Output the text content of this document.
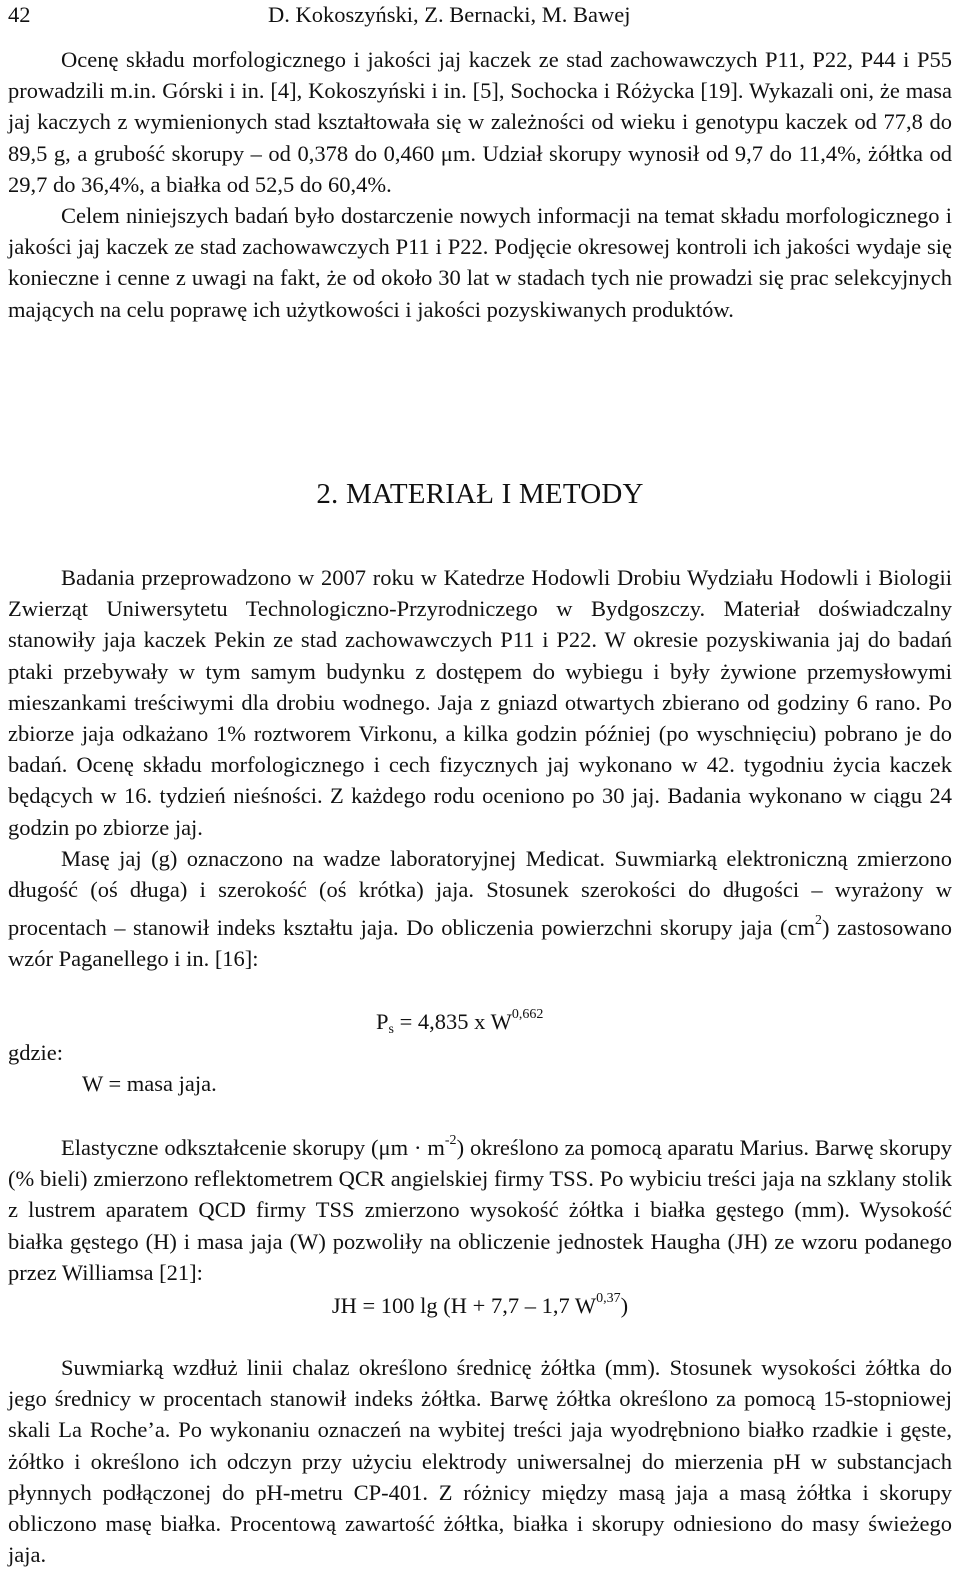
42	D. Kokoszyński, Z. Bernacki, M. Bawej

Ocenę składu morfologicznego i jakości jaj kaczek ze stad zachowawczych P11, P22, P44 i P55 prowadzili m.in. Górski i in. [4], Kokoszyński i in. [5], Sochocka i Różycka [19]. Wykazali oni, że masa jaj kaczych z wymienionych stad kształtowała się w zależności od wieku i genotypu kaczek od 77,8 do 89,5 g, a grubość skorupy – od 0,378 do 0,460 μm. Udział skorupy wynosił od 9,7 do 11,4%, żółtka od 29,7 do 36,4%, a białka od 52,5 do 60,4%.

Celem niniejszych badań było dostarczenie nowych informacji na temat składu morfologicznego i jakości jaj kaczek ze stad zachowawczych P11 i P22. Podjęcie okresowej kontroli ich jakości wydaje się konieczne i cenne z uwagi na fakt, że od około 30 lat w stadach tych nie prowadzi się prac selekcyjnych mających na celu poprawę ich użytkowości i jakości pozyskiwanych produktów.

2. MATERIAŁ I METODY

Badania przeprowadzono w 2007 roku w Katedrze Hodowli Drobiu Wydziału Hodowli i Biologii Zwierząt Uniwersytetu Technologiczno-Przyrodniczego w Bydgoszczy. Materiał doświadczalny stanowiły jaja kaczek Pekin ze stad zachowawczych P11 i P22. W okresie pozyskiwania jaj do badań ptaki przebywały w tym samym budynku z dostępem do wybiegu i były żywione przemysłowymi mieszankami treściwymi dla drobiu wodnego. Jaja z gniazd otwartych zbierano od godziny 6 rano. Po zbiorze jaja odkażano 1% roztworem Virkonu, a kilka godzin później (po wyschnięciu) pobrano je do badań. Ocenę składu morfologicznego i cech fizycznych jaj wykonano w 42. tygodniu życia kaczek będących w 16. tydzień nieśności. Z każdego rodu oceniono po 30 jaj. Badania wykonano w ciągu 24 godzin po zbiorze jaj.

Masę jaj (g) oznaczono na wadze laboratoryjnej Medicat. Suwmiarką elektroniczną zmierzono długość (oś długa) i szerokość (oś krótka) jaja. Stosunek szerokości do długości – wyrażony w procentach – stanowił indeks kształtu jaja. Do obliczenia powierzchni skorupy jaja $(cm^2)$ zastosowano wzór Paganellego i in. [16]:

$P_s = 4,835$ x W$^{0,662}$
gdzie:
W = masa jaja.

Elastyczne odkształcenie skorupy $(\mu m \cdot m^{-2})$ określono za pomocą aparatu Marius. Barwę skorupy (% bieli) zmierzono reflektometrem QCR angielskiej firmy TSS. Po wybiciu treści jaja na szklany stolik z lustrem aparatem QCD firmy TSS zmierzono wysokość żółtka i białka gęstego (mm). Wysokość białka gęstego (H) i masa jaja (W) pozwoliły na obliczenie jednostek Haugha (JH) ze wzoru podanego przez Williamsa [21]:

JH = 100 lg (H + 7,7 – 1,7 W$^{0,37}$)

Suwmiarką wzdłuż linii chalaz określono średnicę żółtka (mm). Stosunek wysokości żółtka do jego średnicy w procentach stanowił indeks żółtka. Barwę żółtka określono za pomocą 15-stopniowej skali La Roche’a. Po wykonaniu oznaczeń na wybitej treści jaja wyodrębniono białko rzadkie i gęste, żółtko i określono ich odczyn przy użyciu elektrody uniwersalnej do mierzenia pH w substancjach płynnych podłączonej do pH-metru CP-401. Z różnicy między masą jaja a masą żółtka i skorupy obliczono masę białka. Procentową zawartość żółtka, białka i skorupy odniesiono do masy świeżego jaja.
